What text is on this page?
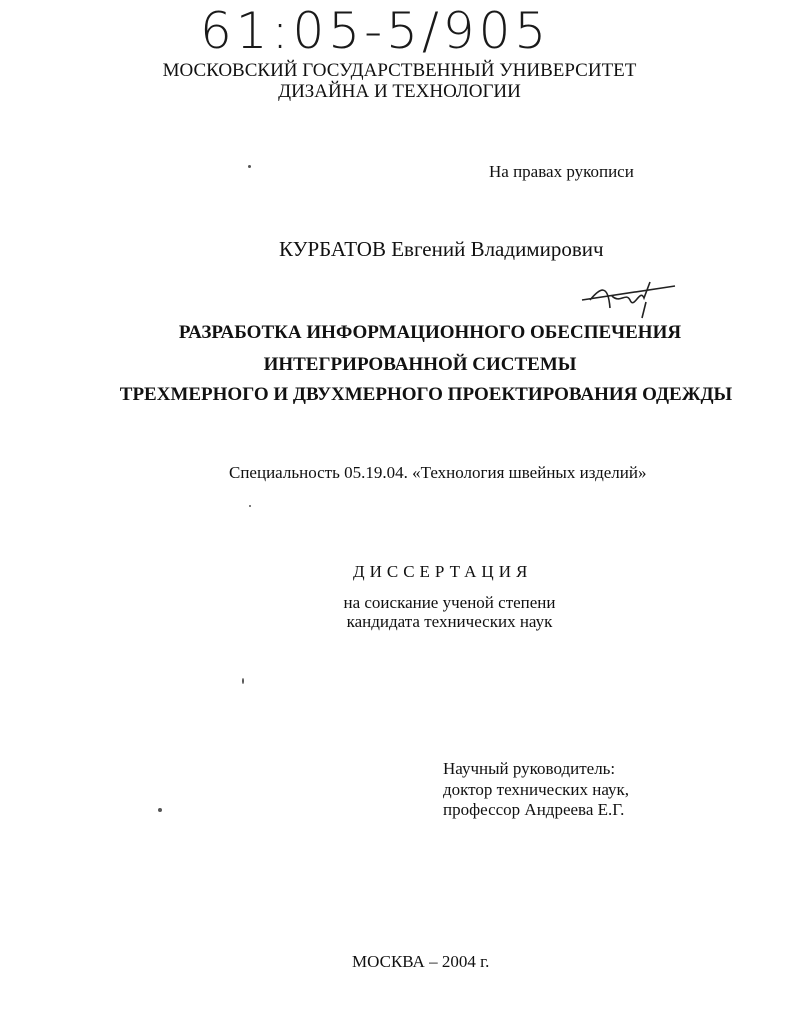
61:05-5/905
МОСКОВСКИЙ ГОСУДАРСТВЕННЫЙ УНИВЕРСИТЕТ
ДИЗАЙНА И ТЕХНОЛОГИИ
На правах рукописи
КУРБАТОВ Евгений Владимирович
РАЗРАБОТКА ИНФОРМАЦИОННОГО ОБЕСПЕЧЕНИЯ
ИНТЕГРИРОВАННОЙ СИСТЕМЫ
ТРЕХМЕРНОГО И ДВУХМЕРНОГО ПРОЕКТИРОВАНИЯ ОДЕЖДЫ
Специальность 05.19.04. «Технология швейных изделий»
ДИССЕРТАЦИЯ
на соискание ученой степени
кандидата технических наук
Научный руководитель:
доктор технических наук,
профессор Андреева Е.Г.
МОСКВА – 2004 г.
